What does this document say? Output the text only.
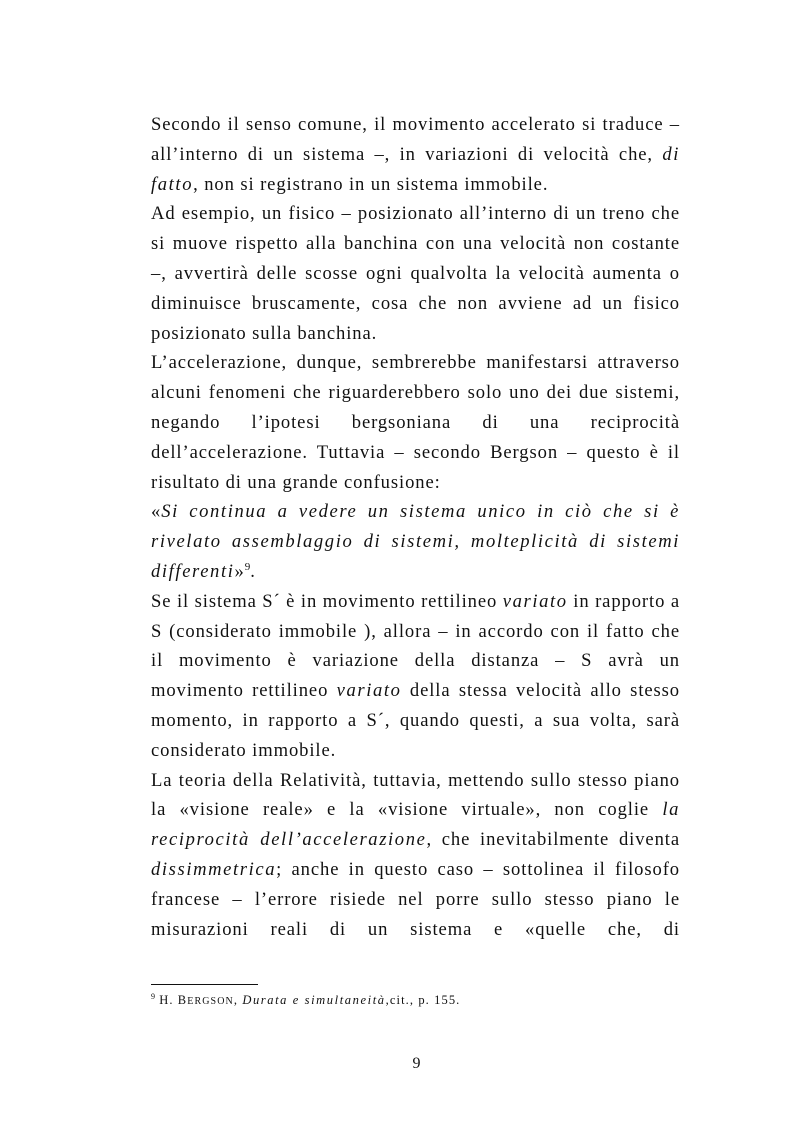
Secondo il senso comune, il movimento accelerato si traduce – all’interno di un sistema –, in variazioni di velocità che, di fatto, non si registrano in un sistema immobile.

Ad esempio, un fisico – posizionato all’interno di un treno che si muove rispetto alla banchina con una velocità non costante –, avvertirà delle scosse ogni qualvolta la velocità aumenta o diminuisce bruscamente, cosa che non avviene ad un fisico posizionato sulla banchina.

L’accelerazione, dunque, sembrerebbe manifestarsi attraverso alcuni fenomeni che riguarderebbero solo uno dei due sistemi, negando l’ipotesi bergsoniana di una reciprocità dell’accelerazione. Tuttavia – secondo Bergson – questo è il risultato di una grande confusione:

«Si continua a vedere un sistema unico in ciò che si è rivelato assemblaggio di sistemi, molteplicità di sistemi differenti»$^9$.

Se il sistema S´ è in movimento rettilineo variato in rapporto a S (considerato immobile ), allora – in accordo con il fatto che il movimento è variazione della distanza – S avrà un movimento rettilineo variato della stessa velocità allo stesso momento, in rapporto a S´, quando questi, a sua volta, sarà considerato immobile.

La teoria della Relatività, tuttavia, mettendo sullo stesso piano la «visione reale» e la «visione virtuale», non coglie la reciprocità dell’accelerazione, che inevitabilmente diventa dissimmetrica; anche in questo caso – sottolinea il filosofo francese – l’errore risiede nel porre sullo stesso piano le misurazioni reali di un sistema e «quelle che, di

$^9$ H. BERGSON, Durata e simultaneità,cit., p. 155.
9
